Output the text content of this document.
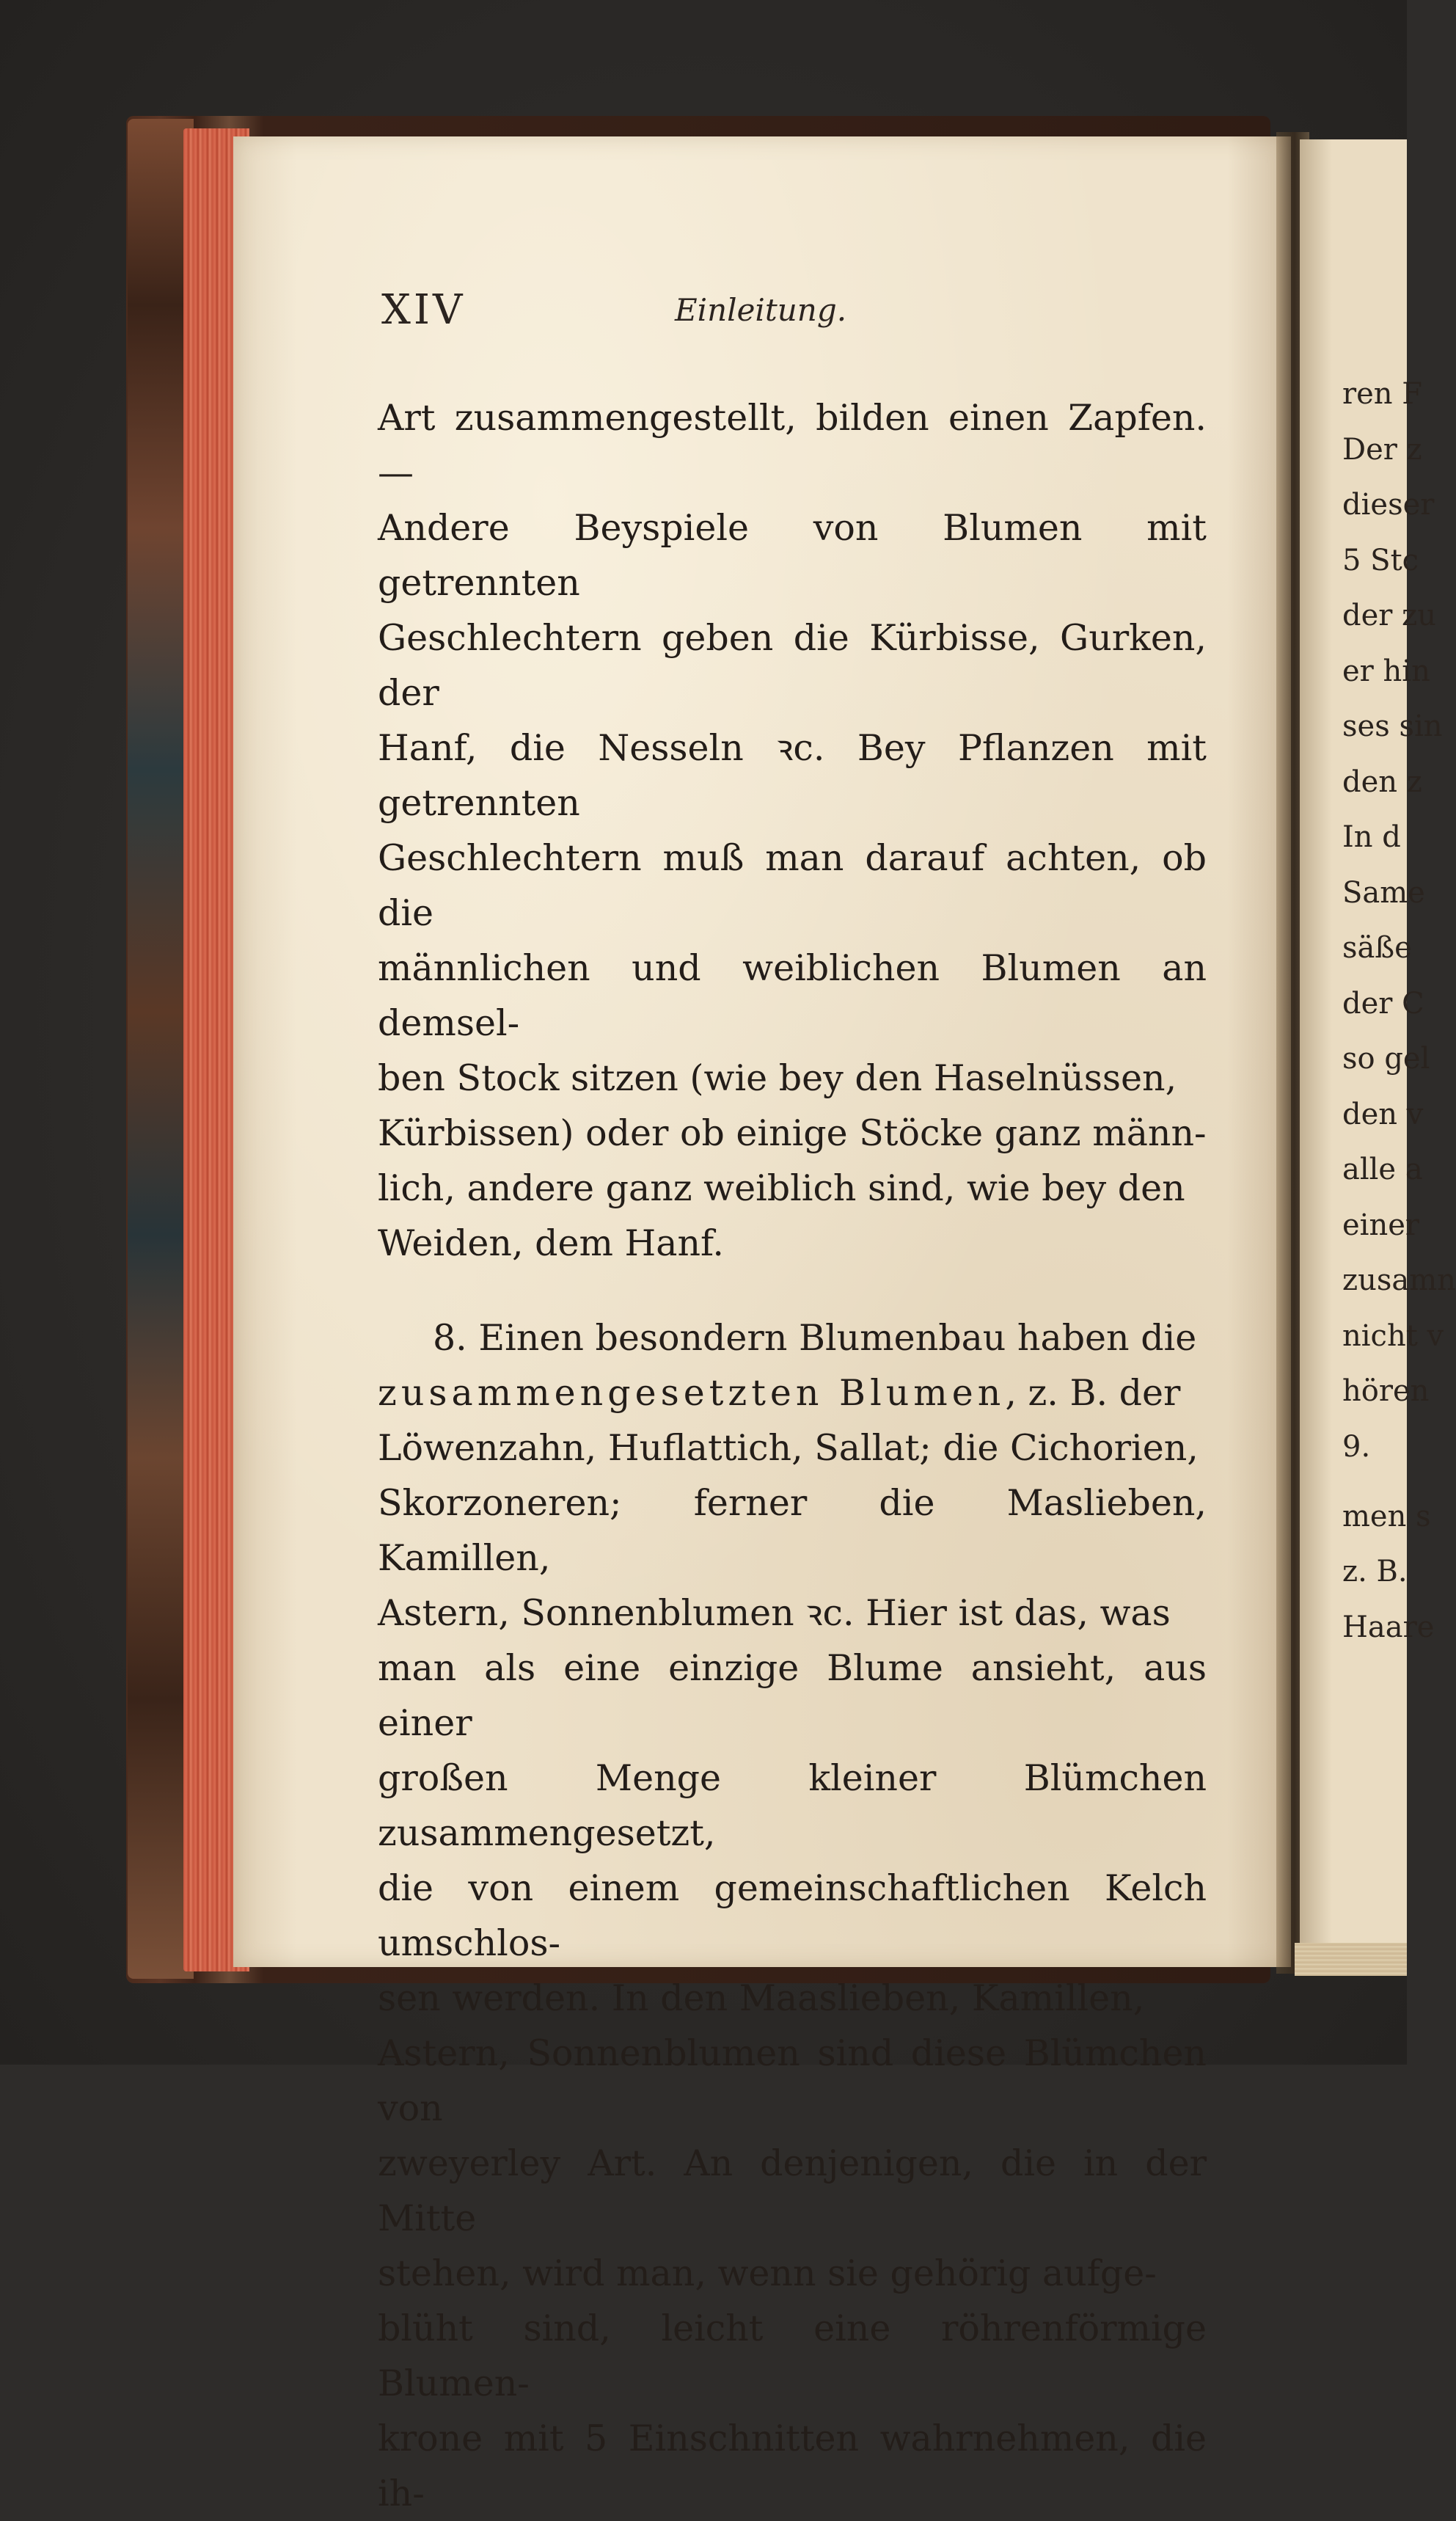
XIV	Einleitung.

Art zusammengestellt, bilden einen Zapfen. —
Andere Beyspiele von Blumen mit getrennten
Geschlechtern geben die Kürbisse, Gurken, der
Hanf, die Nesseln ꝛc. Bey Pflanzen mit getrennten
Geschlechtern muß man darauf achten, ob die
männlichen und weiblichen Blumen an demsel-
ben Stock sitzen (wie bey den Haselnüssen,
Kürbissen) oder ob einige Stöcke ganz männ-
lich, andere ganz weiblich sind, wie bey den
Weiden, dem Hanf.

8. Einen besondern Blumenbau haben die
zusammengesetzten Blumen, z. B. der
Löwenzahn, Huflattich, Sallat; die Cichorien,
Skorzoneren; ferner die Maslieben, Kamillen,
Astern, Sonnenblumen ꝛc. Hier ist das, was
man als eine einzige Blume ansieht, aus einer
großen Menge kleiner Blümchen zusammengesetzt,
die von einem gemeinschaftlichen Kelch umschlos-
sen werden. In den Maaslieben, Kamillen,
Astern, Sonnenblumen sind diese Blümchen von
zweyerley Art. An denjenigen, die in der Mitte
stehen, wird man, wenn sie gehörig aufge-
blüht sind, leicht eine röhrenförmige Blumen-
krone mit 5 Einschnitten wahrnehmen, die ih-

ren F
Der z
dieser
5 Stc
der zu
er hin
ses sin
den z
In d
Same
säße
der C
so gel
den v
alle a
einer
zusamn
nicht v
hören
9.
men s
z. B.
Haare
